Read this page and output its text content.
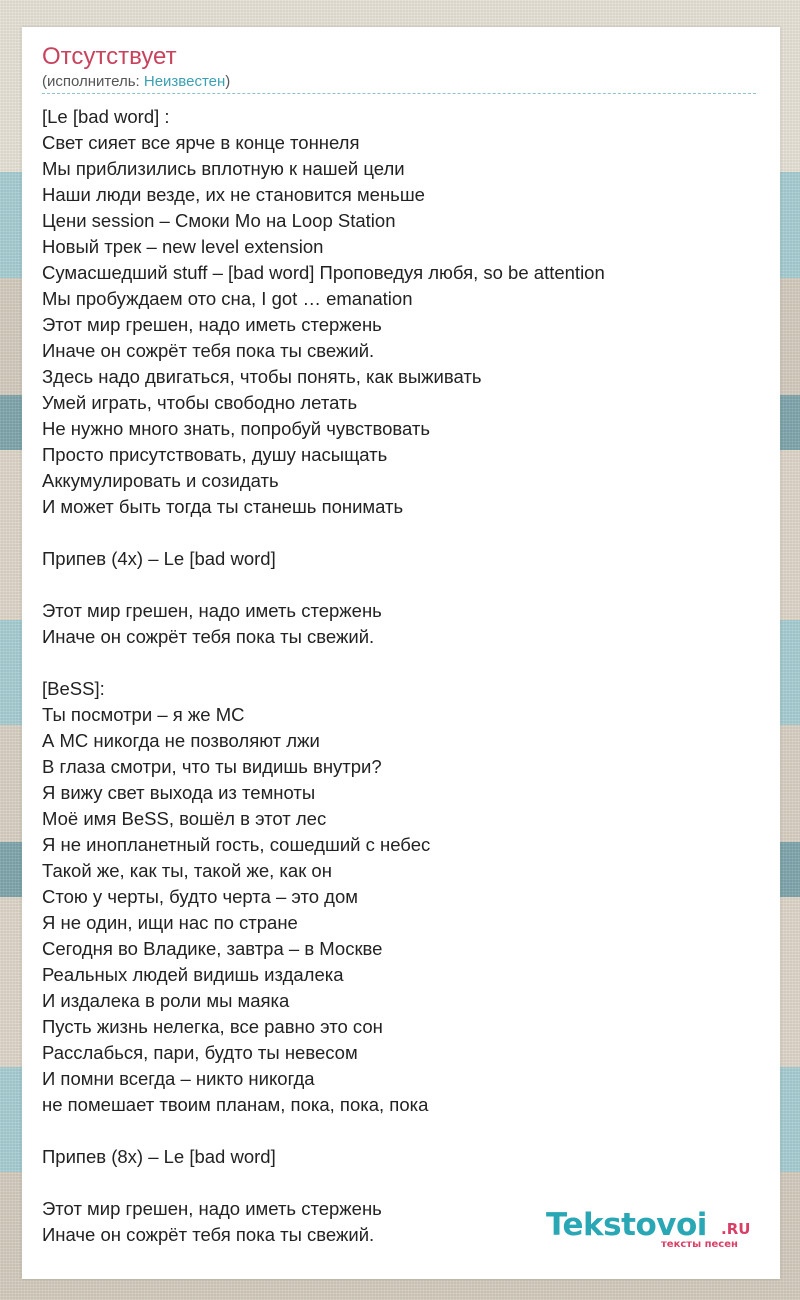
Отсутствует
(исполнитель: Неизвестен)
[Le [bad word] :
Свет сияет все ярче в конце тоннеля
Мы приблизились вплотную к нашей цели
Наши люди везде, их не становится меньше
Цени session – Смоки Мо на Loop Station
Новый трек – new level extension
Сумасшедший stuff – [bad word] Проповедуя любя, so be attention
Мы пробуждаем ото сна, I got … emanation
Этот мир грешен, надо иметь стержень
Иначе он сожрёт тебя пока ты свежий.
Здесь надо двигаться, чтобы понять, как выживать
Умей играть, чтобы свободно летать
Не нужно много знать, попробуй чувствовать
Просто присутствовать, душу насыщать
Аккумулировать и созидать
И может быть тогда ты станешь понимать
Припев (4x) – Le [bad word]
Этот мир грешен, надо иметь стержень
Иначе он сожрёт тебя пока ты свежий.
[BeSS]:
Ты посмотри – я же МС
А МС никогда не позволяют лжи
В глаза смотри, что ты видишь внутри?
Я вижу свет выхода из темноты
Моё имя BeSS, вошёл в этот лес
Я не инопланетный гость, сошедший с небес
Такой же, как ты, такой же, как он
Стою у черты, будто черта – это дом
Я не один, ищи нас по стране
Сегодня во Владике, завтра – в Москве
Реальных людей видишь издалека
И издалека в роли мы маяка
Пусть жизнь нелегка, все равно это сон
Расслабься, пари, будто ты невесом
И помни всегда – никто никогда
не помешает твоим планам, пока, пока, пока
Припев (8x) – Le [bad word]
Этот мир грешен, надо иметь стержень
Иначе он сожрёт тебя пока ты свежий.	Tekstovoi .RU
тексты песен
